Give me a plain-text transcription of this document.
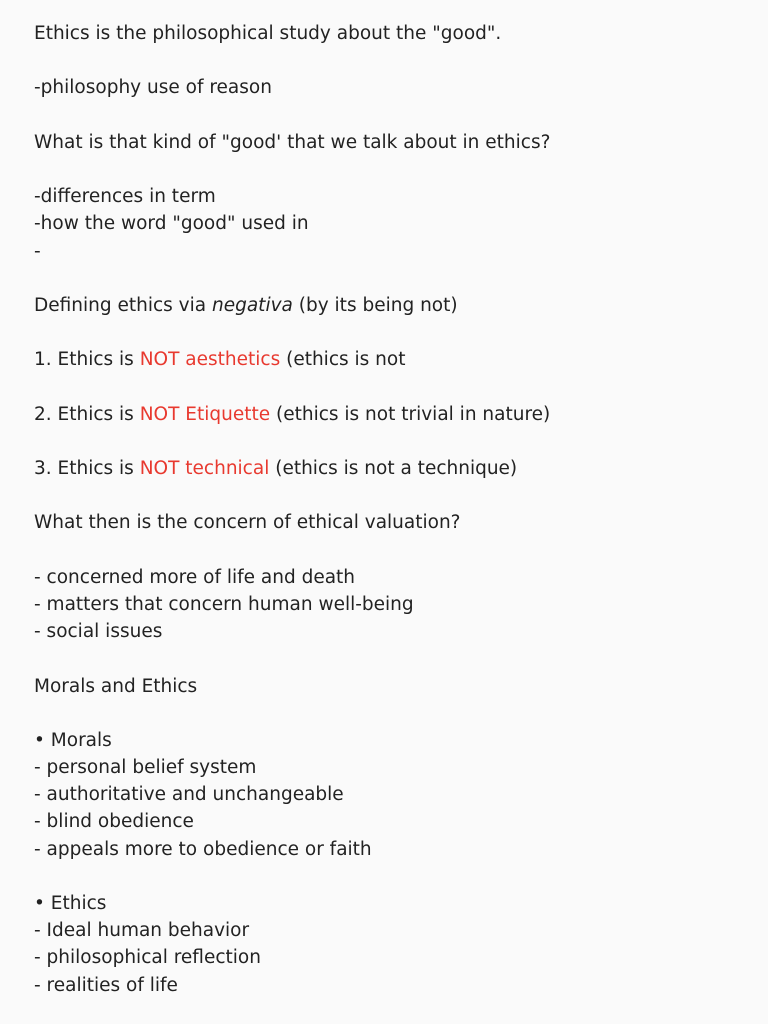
Ethics is the philosophical study about the "good".
-philosophy use of reason
What is that kind of "good' that we talk about in ethics?
-differences in term
-how the word "good" used in
-
Defining ethics via negativa (by its being not)
1. Ethics is NOT aesthetics (ethics is not
2. Ethics is NOT Etiquette (ethics is not trivial in nature)
3. Ethics is NOT technical (ethics is not a technique)
What then is the concern of ethical valuation?
- concerned more of life and death
- matters that concern human well-being
- social issues
Morals and Ethics
• Morals
- personal belief system
- authoritative and unchangeable
- blind obedience
- appeals more to obedience or faith
• Ethics
- Ideal human behavior
- philosophical reflection
- realities of life
